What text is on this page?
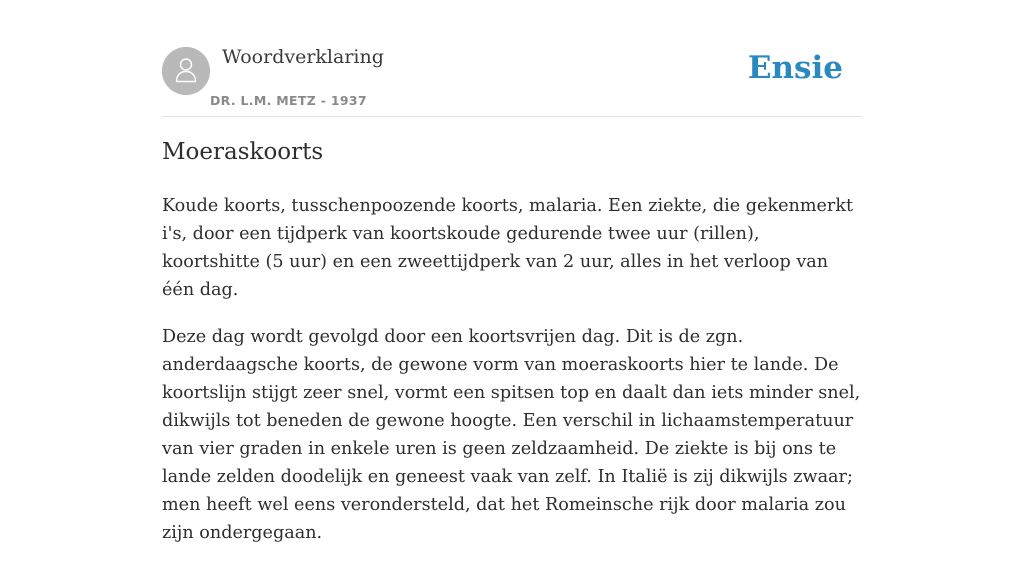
Woordverklaring
DR. L.M. METZ - 1937
Ensie
Moeraskoorts

Koude koorts, tusschenpoozende koorts, malaria. Een ziekte, die gekenmerkt i's, door een tijdperk van koortskoude gedurende twee uur (rillen), koortshitte (5 uur) en een zweettijdperk van 2 uur, alles in het verloop van één dag.

Deze dag wordt gevolgd door een koortsvrijen dag. Dit is de zgn. anderdaagsche koorts, de gewone vorm van moeraskoorts hier te lande. De koortslijn stijgt zeer snel, vormt een spitsen top en daalt dan iets minder snel, dikwijls tot beneden de gewone hoogte. Een verschil in lichaamstemperatuur van vier graden in enkele uren is geen zeldzaamheid. De ziekte is bij ons te lande zelden doodelijk en geneest vaak van zelf. In Italië is zij dikwijls zwaar; men heeft wel eens verondersteld, dat het Romeinsche rijk door malaria zou zijn ondergegaan.
